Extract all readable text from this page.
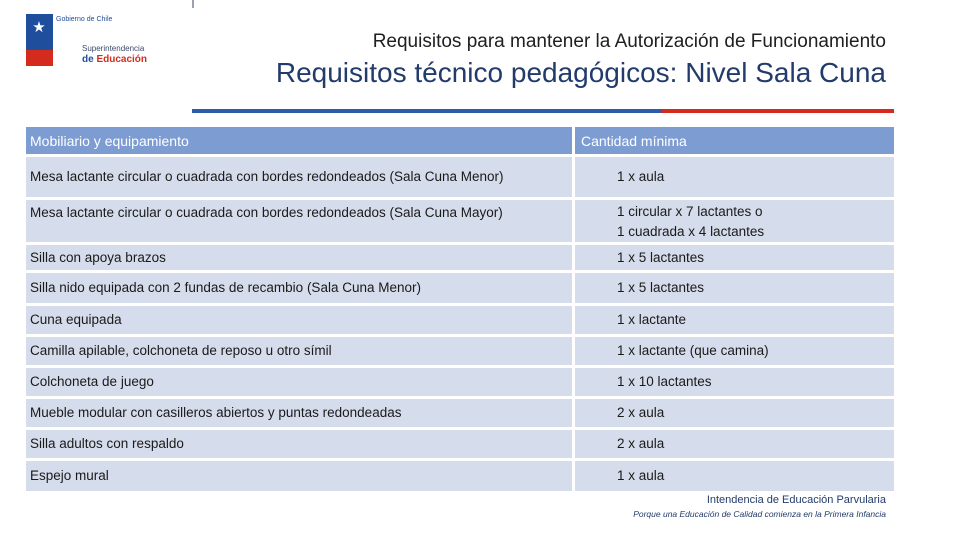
★ Gobierno de Chile
Superintendencia
de Educación
Requisitos para mantener la Autorización de Funcionamiento
Requisitos técnico pedagógicos: Nivel Sala Cuna
Mobiliario y equipamiento	Cantidad mínima
Mesa lactante circular o cuadrada con bordes redondeados (Sala Cuna Menor)	1 x aula
Mesa lactante circular o cuadrada con bordes redondeados (Sala Cuna Mayor)	1 circular x 7 lactantes o
1 cuadrada x 4 lactantes
Silla con apoya brazos	1 x 5 lactantes
Silla nido equipada con 2 fundas de recambio (Sala Cuna Menor)	1 x 5 lactantes
Cuna equipada	1 x lactante
Camilla apilable, colchoneta de reposo u otro símil	1 x lactante (que camina)
Colchoneta de juego	1 x 10 lactantes
Mueble modular con casilleros abiertos y puntas redondeadas	2 x aula
Silla adultos con respaldo	2 x aula
Espejo mural	1 x aula
Intendencia de Educación Parvularia
Porque una Educación de Calidad comienza en la Primera Infancia
